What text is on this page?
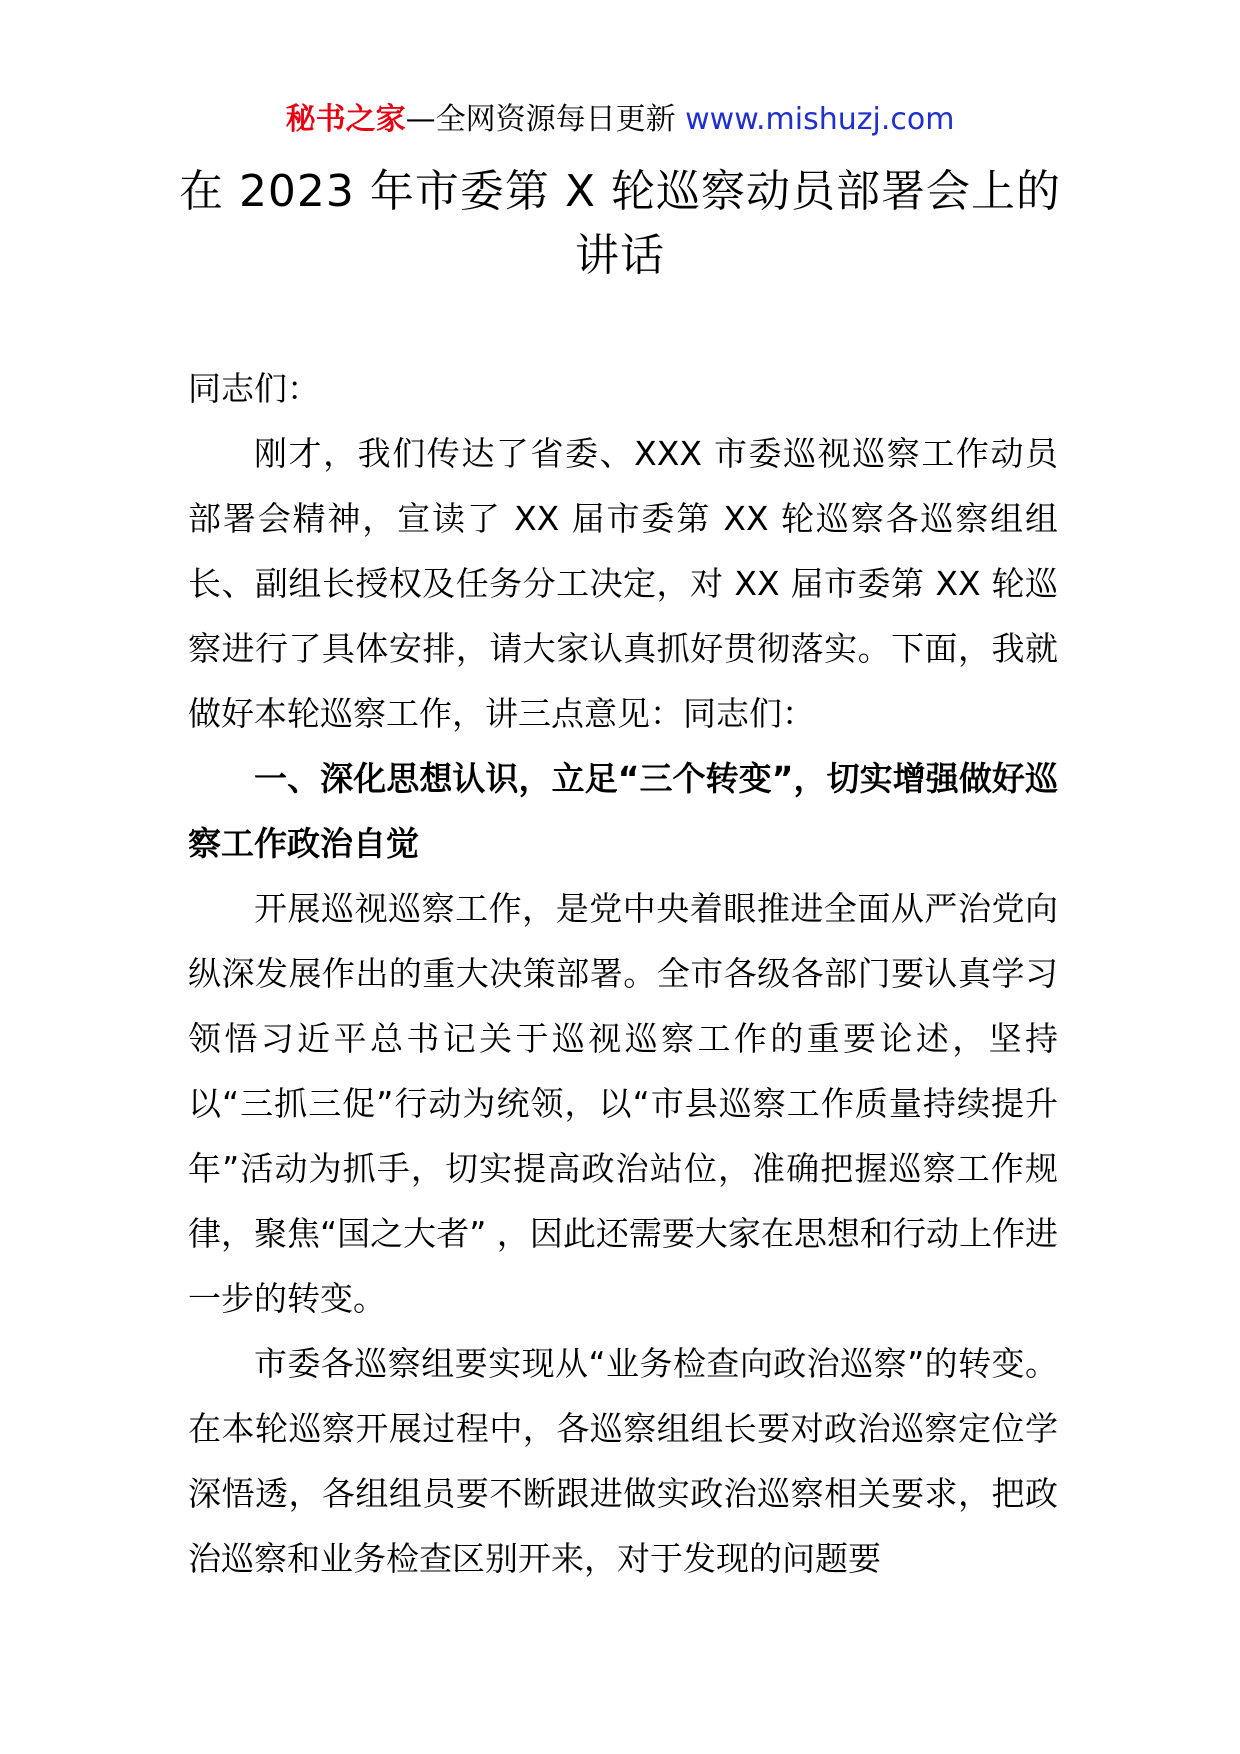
秘书之家—全网资源每日更新 www.mishuzj.com
在 2023 年市委第 X 轮巡察动员部署会上的讲话

同志们：

刚才，我们传达了省委、XXX 市委巡视巡察工作动员部署会精神，宣读了 XX 届市委第 XX 轮巡察各巡察组组长、副组长授权及任务分工决定，对 XX 届市委第 XX 轮巡察进行了具体安排，请大家认真抓好贯彻落实。下面，我就做好本轮巡察工作，讲三点意见：同志们：

一、深化思想认识，立足“三个转变”，切实增强做好巡察工作政治自觉

开展巡视巡察工作，是党中央着眼推进全面从严治党向纵深发展作出的重大决策部署。全市各级各部门要认真学习领悟习近平总书记关于巡视巡察工作的重要论述，坚持以“三抓三促”行动为统领，以“市县巡察工作质量持续提升年”活动为抓手，切实提高政治站位，准确把握巡察工作规律，聚焦“国之大者” ，因此还需要大家在思想和行动上作进一步的转变。

市委各巡察组要实现从“业务检查向政治巡察”的转变。在本轮巡察开展过程中，各巡察组组长要对政治巡察定位学深悟透，各组组员要不断跟进做实政治巡察相关要求，把政治巡察和业务检查区别开来，对于发现的问题要
